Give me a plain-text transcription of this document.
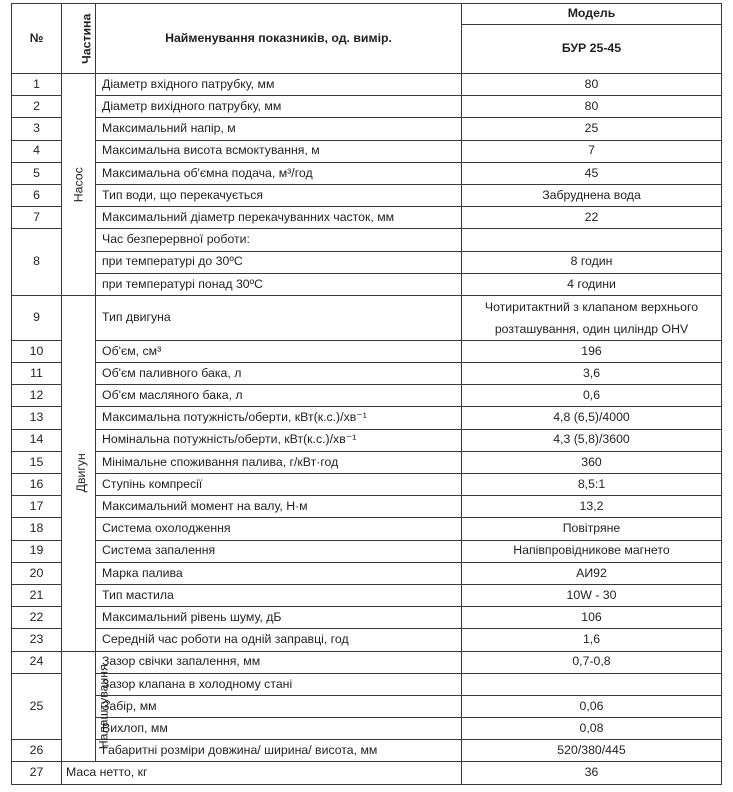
№	Частина	Найменування показників, од. вимір.	Модель
			БУР 25-45
1	Насос	Діаметр вхідного патрубку, мм	80
2		Діаметр вихідного патрубку, мм	80
3		Максимальний напір, м	25
4		Максимальна висота всмоктування, м	7
5		Максимальна об'ємна подача, м³/год	45
6		Тип води, що перекачується	Забруднена вода
7		Максимальний діаметр перекачуванних часток, мм	22
8		Час безперервної роботи:	
		при температурі до 30ºС	8 годин
		при температурі понад 30ºС	4 години
9	Двигун	Тип двигуна	Чотиритактний з клапаном верхнього
розташування, один циліндр OHV

10		Об'єм, см³	196
11		Об'єм паливного бака, л	3,6
12		Об'єм масляного бака, л	0,6
13		Максимальна потужність/оберти, кВт(к.с.)/хв⁻¹	4,8 (6,5)/4000
14		Номінальна потужність/оберти, кВт(к.с.)/хв⁻¹	4,3 (5,8)/3600
15		Мінімальне споживання палива, г/кВт·год	360
16		Ступінь компресії	8,5:1
17		Максимальний момент на валу, Н·м	13,2
18		Система охолодження	Повітряне
19		Система запалення	Напівпровідникове магнето
20		Марка палива	АИ92
21		Тип мастила	10W - 30
22		Максимальний рівень шуму, дБ	106
23		Середній час роботи на одній заправці, год	1,6
24	Налаштування	Зазор свічки запалення, мм	0,7-0,8
25		Зазор клапана в холодному стані	
		Забір, мм	0,06
		Вихлоп, мм	0,08
26		Габаритні розміри довжина/ ширина/ висота, мм	520/380/445
27	Маса нетто, кг		36
